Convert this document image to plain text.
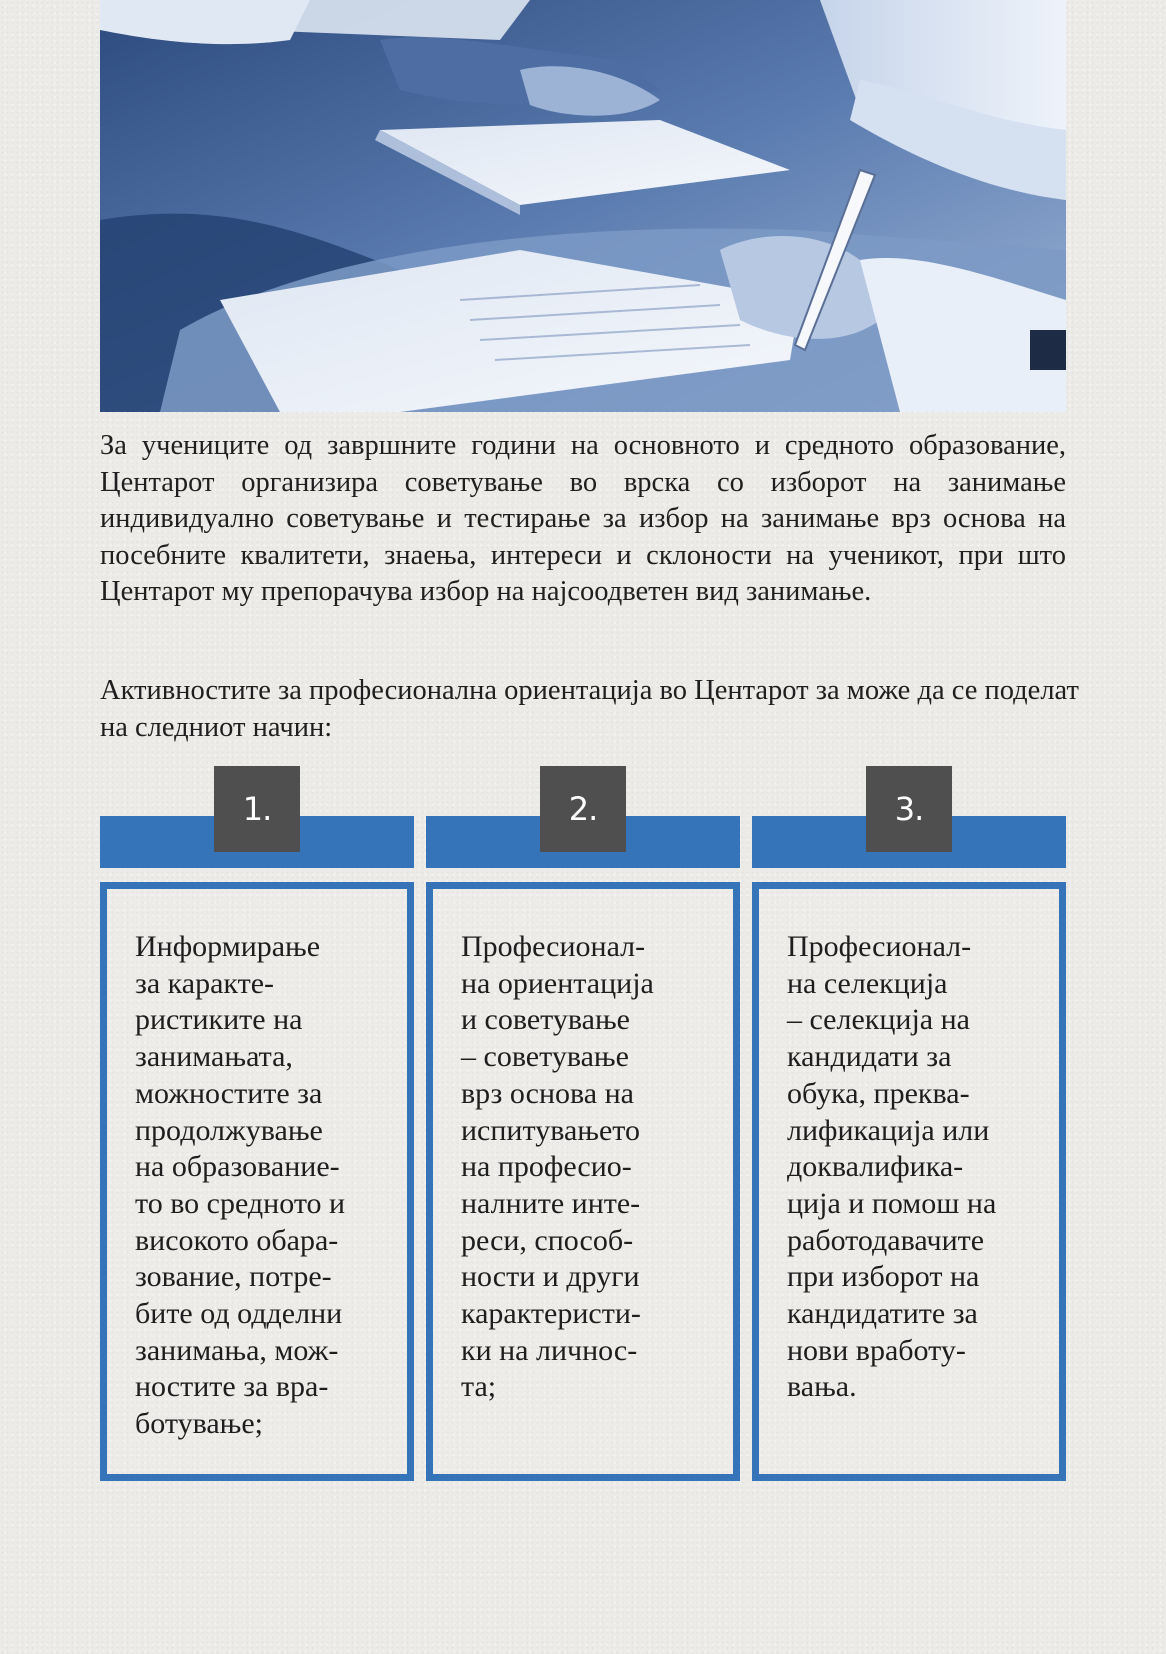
За учениците од завршните години на основното и средното образование, Центарот организира советување во врска со изборот на занимање индивидуално советување и тестирање за избор на занимање врз основа на посебните квалитети, знаења, интереси и склоности на ученикот, при што Центарот му препорачува избор на најсоодветен вид занимање.

Активностите за професионална ориентација во Центарот за може да се поделат на следниот начин:

1.

Информирање
за каракте-
ристиките на
занимањата,
можностите за
продолжување
на образование-
то во средното и
високото обара-
зование, потре-
бите од одделни
занимања, мож-
ностите за вра-
ботување;

2.

Професионал-
на ориентација
и советување
– советување
врз основа на
испитувањето
на професио-
налните инте-
реси, способ-
ности и други
карактеристи-
ки на личнос-
та;

3.

Професионал-
на селекција
– селекција на
кандидати за
обука, преква-
лификација или
доквалифика-
ција и помош на
работодавачите
при изборот на
кандидатите за
нови вработу-
вања.
